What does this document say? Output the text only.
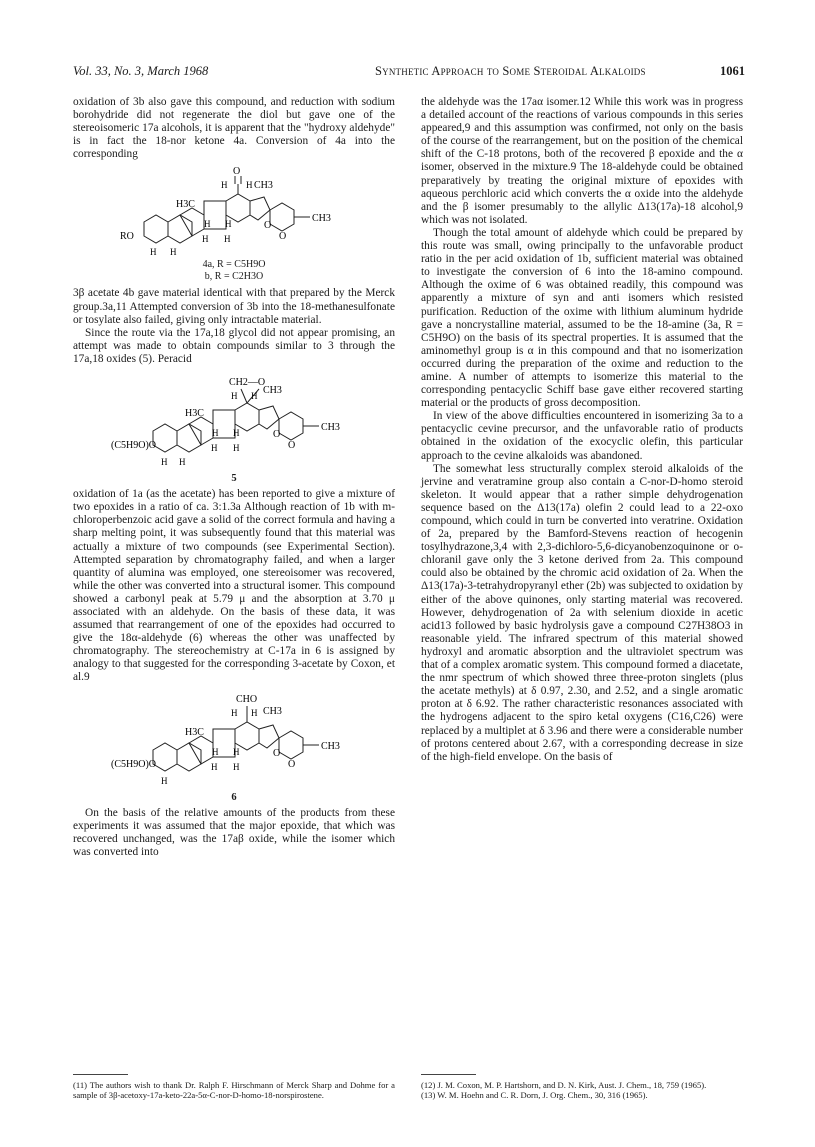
Vol. 33, No. 3, March 1968	Synthetic Approach to Some Steroidal Alkaloids	1061

oxidation of 3b also gave this compound, and reduction with sodium borohydride did not regenerate the diol but gave one of the stereoisomeric 17a alcohols, it is apparent that the "hydroxy aldehyde" is in fact the 18-nor ketone 4a. Conversion of 4a into the corresponding

H3C
CH3
CH3
O
O
O
H H
H H
H H
H H
RO
4a, R = C5H9O
b, R = C2H3O

3β acetate 4b gave material identical with that prepared by the Merck group.3a,11 Attempted conversion of 3b into the 18-methanesulfonate or tosylate also failed, giving only intractable material.

Since the route via the 17a,18 glycol did not appear promising, an attempt was made to obtain compounds similar to 3 through the 17a,18 oxides (5). Peracid

CH2—O
CH3
H3C
CH3
O
O
H H
H H
H H
H H
(C5H9O)O
5

oxidation of 1a (as the acetate) has been reported to give a mixture of two epoxides in a ratio of ca. 3:1.3a Although reaction of 1b with m-chloroperbenzoic acid gave a solid of the correct formula and having a sharp melting point, it was subsequently found that this material was actually a mixture of two compounds (see Experimental Section). Attempted separation by chromatography failed, and when a larger quantity of alumina was employed, one stereoisomer was recovered, while the other was converted into a structural isomer. This compound showed a carbonyl peak at 5.79 μ and the absorption at 3.70 μ associated with an aldehyde. On the basis of these data, it was assumed that rearrangement of one of the epoxides had occurred to give the 18α-aldehyde (6) whereas the other was unaffected by chromatography. The stereochemistry at C-17a in 6 is assigned by analogy to that suggested for the corresponding 3-acetate by Coxon, et al.9

CHO
CH3
H3C
CH3
O
O
H H
H H
H H
H
(C5H9O)O
6

On the basis of the relative amounts of the products from these experiments it was assumed that the major epoxide, that which was recovered unchanged, was the 17aβ oxide, while the isomer which was converted into

the aldehyde was the 17aα isomer.12 While this work was in progress a detailed account of the reactions of various compounds in this series appeared,9 and this assumption was confirmed, not only on the basis of the course of the rearrangement, but on the position of the chemical shift of the C-18 protons, both of the recovered β epoxide and the α isomer, observed in the mixture.9 The 18-aldehyde could be obtained preparatively by treating the original mixture of epoxides with aqueous perchloric acid which converts the α oxide into the aldehyde and the β isomer presumably to the allylic Δ13(17a)-18 alcohol,9 which was not isolated.

Though the total amount of aldehyde which could be prepared by this route was small, owing principally to the unfavorable product ratio in the per acid oxidation of 1b, sufficient material was obtained to investigate the conversion of 6 into the 18-amino compound. Although the oxime of 6 was obtained readily, this compound was apparently a mixture of syn and anti isomers which resisted purification. Reduction of the oxime with lithium aluminum hydride gave a noncrystalline material, assumed to be the 18-amine (3a, R = C5H9O) on the basis of its spectral properties. It is assumed that the aminomethyl group is α in this compound and that no isomerization occurred during the preparation of the oxime and reduction to the amine. A number of attempts to isomerize this material to the corresponding pentacyclic Schiff base gave either recovered starting material or the products of gross decomposition.

In view of the above difficulties encountered in isomerizing 3a to a pentacyclic cevine precursor, and the unfavorable ratio of products obtained in the oxidation of the exocyclic olefin, this particular approach to the cevine alkaloids was abandoned.

The somewhat less structurally complex steroid alkaloids of the jervine and veratramine group also contain a C-nor-D-homo steroid skeleton. It would appear that a rather simple dehydrogenation sequence based on the Δ13(17a) olefin 2 could lead to a 22-oxo compound, which could in turn be converted into veratrine. Oxidation of 2a, prepared by the Bamford-Stevens reaction of hecogenin tosylhydrazone,3,4 with 2,3-dichloro-5,6-dicyanobenzoquinone or o-chloranil gave only the 3 ketone derived from 2a. This compound could also be obtained by the chromic acid oxidation of 2a. When the Δ13(17a)-3-tetrahydropyranyl ether (2b) was subjected to oxidation by either of the above quinones, only starting material was recovered. However, dehydrogenation of 2a with selenium dioxide in acetic acid13 followed by basic hydrolysis gave a compound C27H38O3 in reasonable yield. The infrared spectrum of this material showed hydroxyl and aromatic absorption and the ultraviolet spectrum was that of a complex aromatic system. This compound formed a diacetate, the nmr spectrum of which showed three three-proton singlets (plus the acetate methyls) at δ 0.97, 2.30, and 2.52, and a single aromatic proton at δ 6.92. The rather characteristic resonances associated with the hydrogens adjacent to the spiro ketal oxygens (C16,C26) were replaced by a multiplet at δ 3.96 and there were a considerable number of protons centered about 2.67, with a corresponding decrease in size of the high-field envelope. On the basis of

(11) The authors wish to thank Dr. Ralph F. Hirschmann of Merck Sharp and Dohme for a sample of 3β-acetoxy-17a-keto-22a-5α-C-nor-D-homo-18-norspirostene.
(12) J. M. Coxon, M. P. Hartshorn, and D. N. Kirk, Aust. J. Chem., 18, 759 (1965).
(13) W. M. Hoehn and C. R. Dorn, J. Org. Chem., 30, 316 (1965).
